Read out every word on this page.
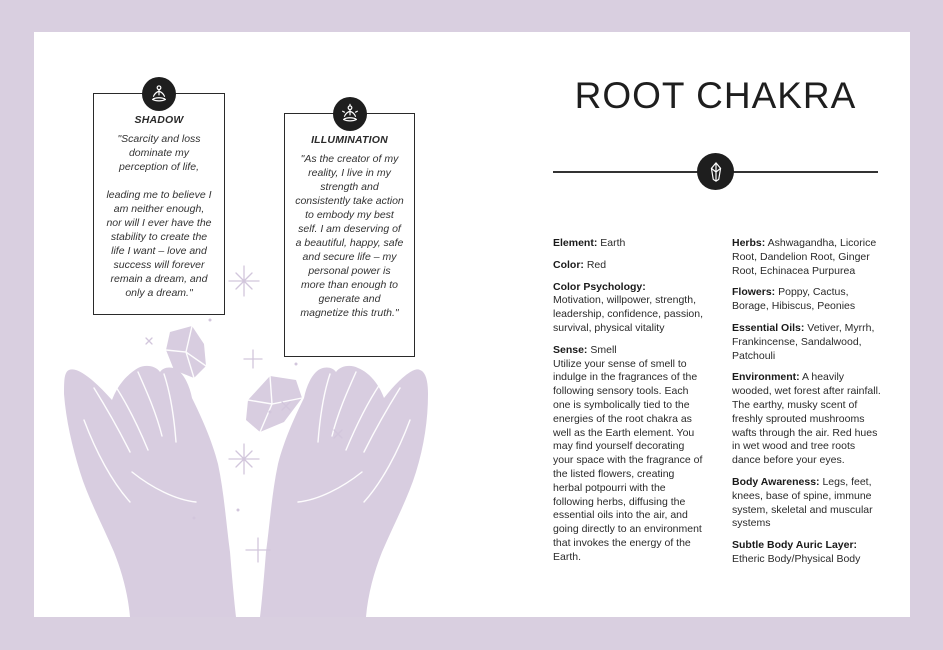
SHADOW
"Scarcity and loss dominate my perception of life,
leading me to believe I am neither enough, nor will I ever have the stability to create the life I want – love and success will forever remain a dream, and only a dream."
ILLUMINATION
"As the creator of my reality, I live in my strength and consistently take action to embody my best self. I am deserving of a beautiful, happy, safe and secure life – my personal power is more than enough to generate and magnetize this truth."
ROOT CHAKRA
Element: Earth
Color: Red
Color Psychology:
Motivation, willpower, strength, leadership, confidence, passion, survival, physical vitality
Sense: Smell
Utilize your sense of smell to indulge in the fragrances of the following sensory tools. Each one is symbolically tied to the energies of the root chakra as well as the Earth element. You may find yourself decorating your space with the fragrance of the listed flowers, creating herbal potpourri with the following herbs, diffusing the essential oils into the air, and going directly to an environment that invokes the energy of the Earth.
Herbs: Ashwagandha, Licorice Root, Dandelion Root, Ginger Root, Echinacea Purpurea
Flowers: Poppy, Cactus, Borage, Hibiscus, Peonies
Essential Oils: Vetiver, Myrrh, Frankincense, Sandalwood, Patchouli
Environment: A heavily wooded, wet forest after rainfall. The earthy, musky scent of freshly sprouted mushrooms wafts through the air. Red hues in wet wood and tree roots dance before your eyes.
Body Awareness: Legs, feet, knees, base of spine, immune system, skeletal and muscular systems
Subtle Body Auric Layer:
Etheric Body/Physical Body
